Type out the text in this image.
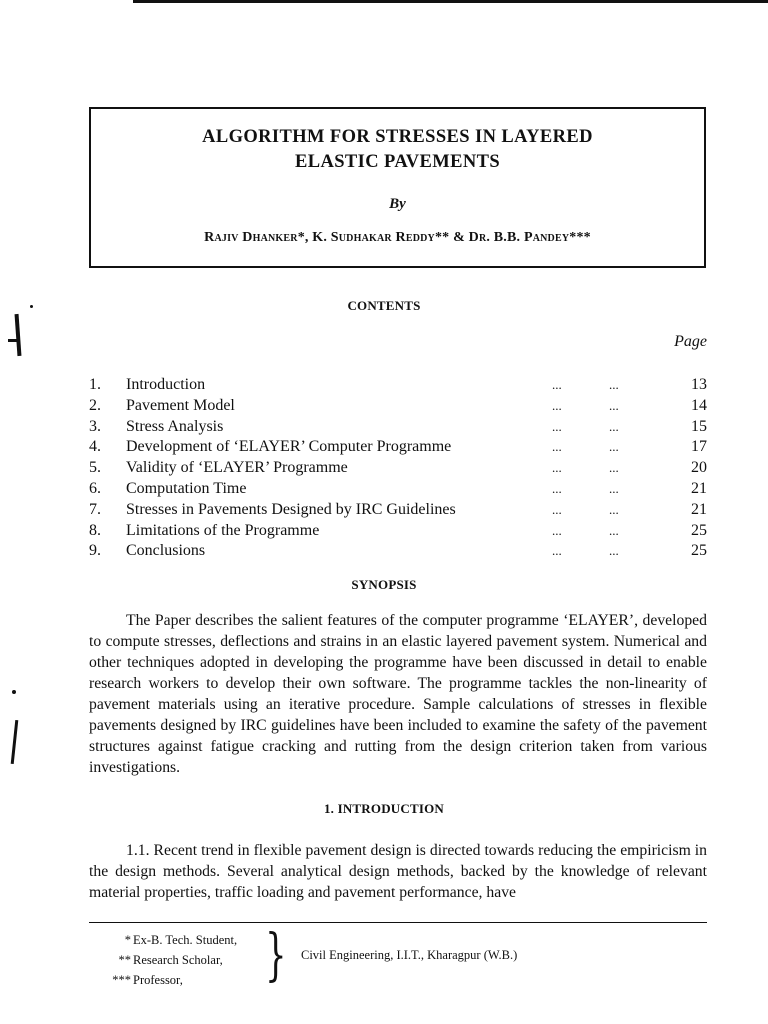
ALGORITHM FOR STRESSES IN LAYERED
ELASTIC PAVEMENTS
By
Rajiv Dhanker*, K. Sudhakar Reddy** & Dr. B.B. Pandey***
CONTENTS
Page
1. Introduction	...	...	13
2. Pavement Model	...	...	14
3. Stress Analysis	...	...	15
4. Development of ‘ELAYER’ Computer Programme	...	...	17
5. Validity of ‘ELAYER’ Programme	...	...	20
6. Computation Time	...	...	21
7. Stresses in Pavements Designed by IRC Guidelines	...	...	21
8. Limitations of the Programme	...	...	25
9. Conclusions	...	...	25
SYNOPSIS

The Paper describes the salient features of the computer programme ‘ELAYER’, developed to compute stresses, deflections and strains in an elastic layered pavement system. Numerical and other techniques adopted in developing the programme have been discussed in detail to enable research workers to develop their own software. The programme tackles the non-linearity of pavement materials using an iterative procedure. Sample calculations of stresses in flexible pavements designed by IRC guidelines have been included to examine the safety of the pavement structures against fatigue cracking and rutting from the design criterion taken from various investigations.

1. INTRODUCTION

1.1. Recent trend in flexible pavement design is directed towards reducing the empiricism in the design methods. Several analytical design methods, backed by the knowledge of relevant material properties, traffic loading and pavement performance, have

* Ex-B. Tech. Student,
** Research Scholar,
*** Professor, } Civil Engineering, I.I.T., Kharagpur (W.B.)
